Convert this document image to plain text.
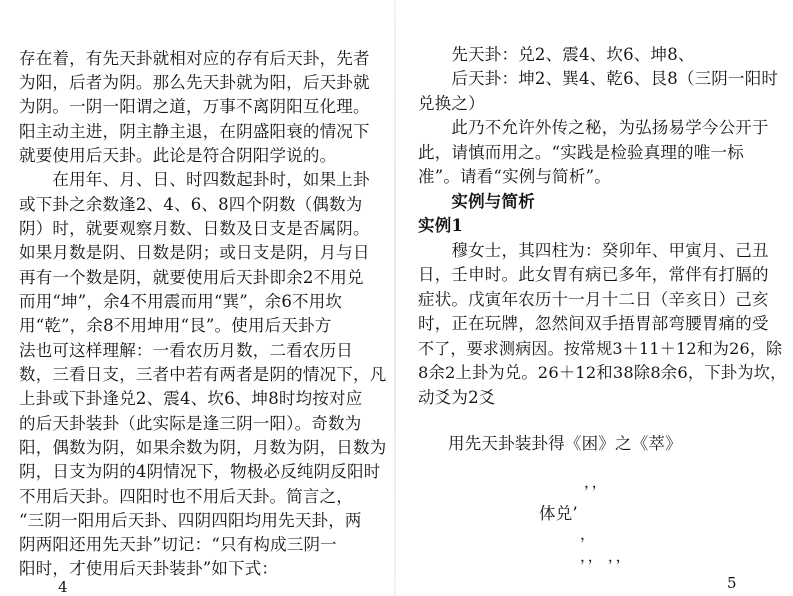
存在着，有先天卦就相对应的存有后天卦，先者
为阳，后者为阴。那么先天卦就为阳，后天卦就
为阴。一阴一阳谓之道，万事不离阴阳互化理。
阳主动主进，阴主静主退，在阴盛阳衰的情况下
就要使用后天卦。此论是符合阴阳学说的。
　　在用年、月、日、时四数起卦时，如果上卦
或下卦之余数逢2、4、6、8四个阴数（偶数为
阴）时，就要观察月数、日数及日支是否属阴。
如果月数是阴、日数是阴；或日支是阴，月与日
再有一个数是阴，就要使用后天卦即余2不用兑
而用“坤”，余4不用震而用“巽”，余6不用坎
用“乾”，余8不用坤用“艮”。使用后天卦方
法也可这样理解：一看农历月数，二看农历日
数，三看日支，三者中若有两者是阴的情况下，凡
上卦或下卦逢兑2、震4、坎6、坤8时均按对应
的后天卦装卦（此实际是逢三阴一阳）。奇数为
阳，偶数为阴，如果余数为阴，月数为阴，日数为
阴，日支为阴的4阴情况下，物极必反纯阴反阳时
不用后天卦。四阳时也不用后天卦。简言之，
“三阴一阳用后天卦、四阴四阳均用先天卦，两
阴两阳还用先天卦”切记：“只有构成三阴一
阳时，才使用后天卦装卦”如下式：
4
　　先天卦：兑2、震4、坎6、坤8、
　　后天卦：坤2、巽4、乾6、艮8（三阴一阳时
兑换之）
　　此乃不允许外传之秘，为弘扬易学今公开于
此，请慎而用之。“实践是检验真理的唯一标
准”。请看“实例与简析”。
　　实例与简析
实例1
　　穆女士，其四柱为：癸卯年、甲寅月、己丑
日，壬申时。此女胃有病已多年，常伴有打膈的
症状。戊寅年农历十一月十二日（辛亥日）己亥
时，正在玩牌，忽然间双手捂胃部弯腰胃痛的受
不了，要求测病因。按常规3＋11＋12和为26，除
8余2上卦为兑。26＋12和38除8余6，下卦为坎，
动爻为2爻
用先天卦装卦得《困》之《萃》
，，
体兑’
，
，， ，，
5
